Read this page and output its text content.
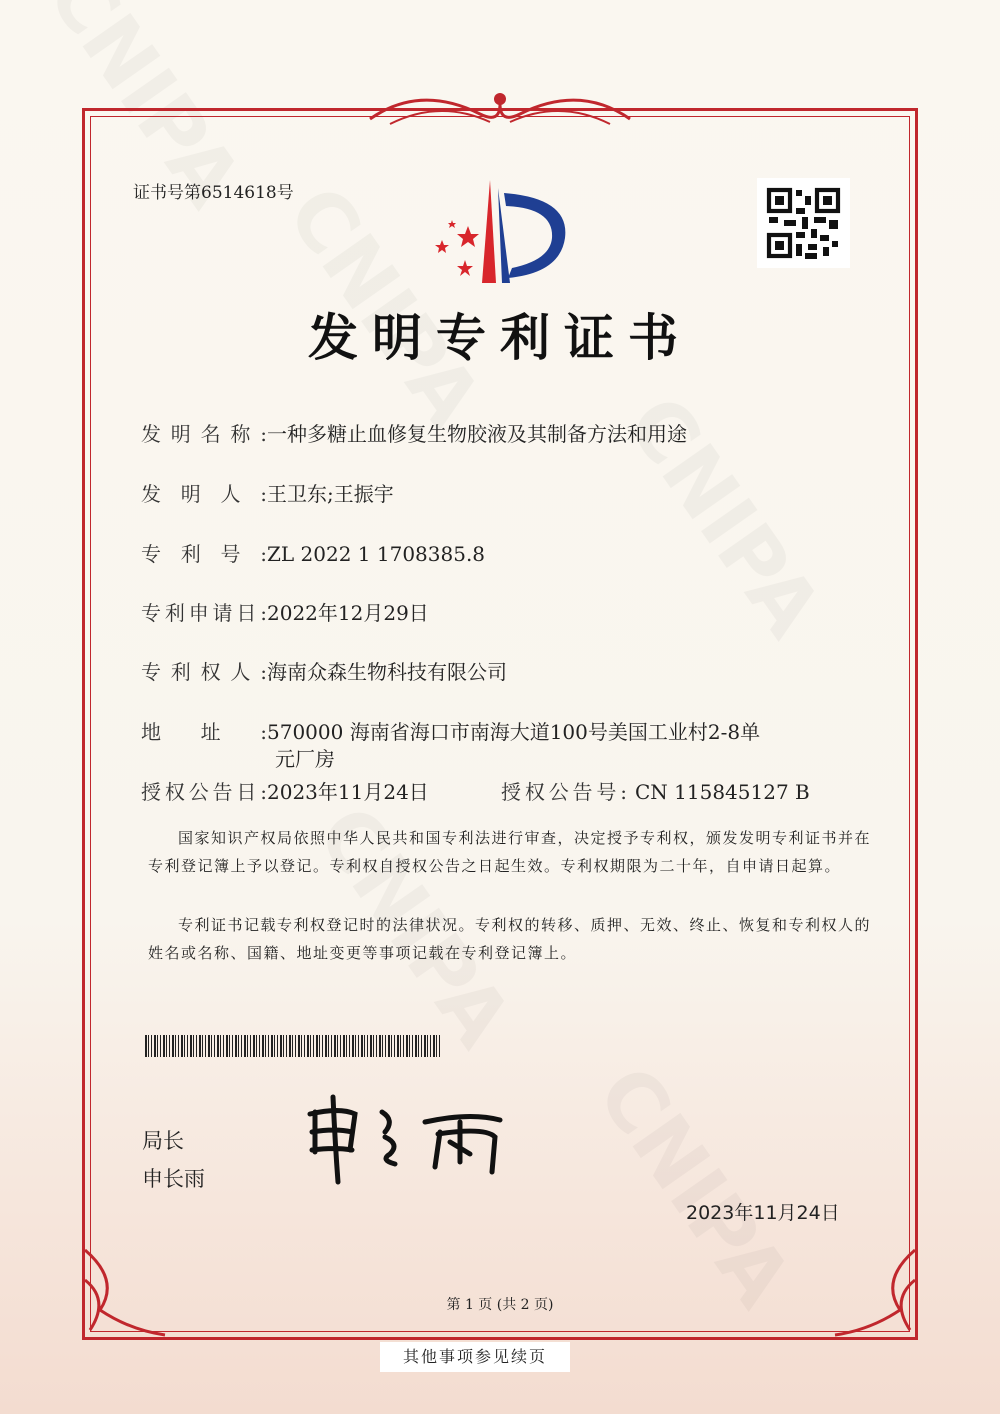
证书号第6514618号
发明专利证书
发明名称:一种多糖止血修复生物胶液及其制备方法和用途
发明人:王卫东;王振宇
专利号:ZL 2022 1 1708385.8
专利申请日:2022年12月29日
专利权人:海南众森生物科技有限公司
地址:570000 海南省海口市南海大道100号美国工业村2-8单
元厂房
授权公告日:2023年11月24日	授权公告号: CN 115845127 B
国家知识产权局依照中华人民共和国专利法进行审查，决定授予专利权，颁发发明专利证书并在专利登记簿上予以登记。专利权自授权公告之日起生效。专利权期限为二十年，自申请日起算。
专利证书记载专利权登记时的法律状况。专利权的转移、质押、无效、终止、恢复和专利权人的姓名或名称、国籍、地址变更等事项记载在专利登记簿上。
局长
申长雨
2023年11月24日
第 1 页 (共 2 页)
其他事项参见续页
